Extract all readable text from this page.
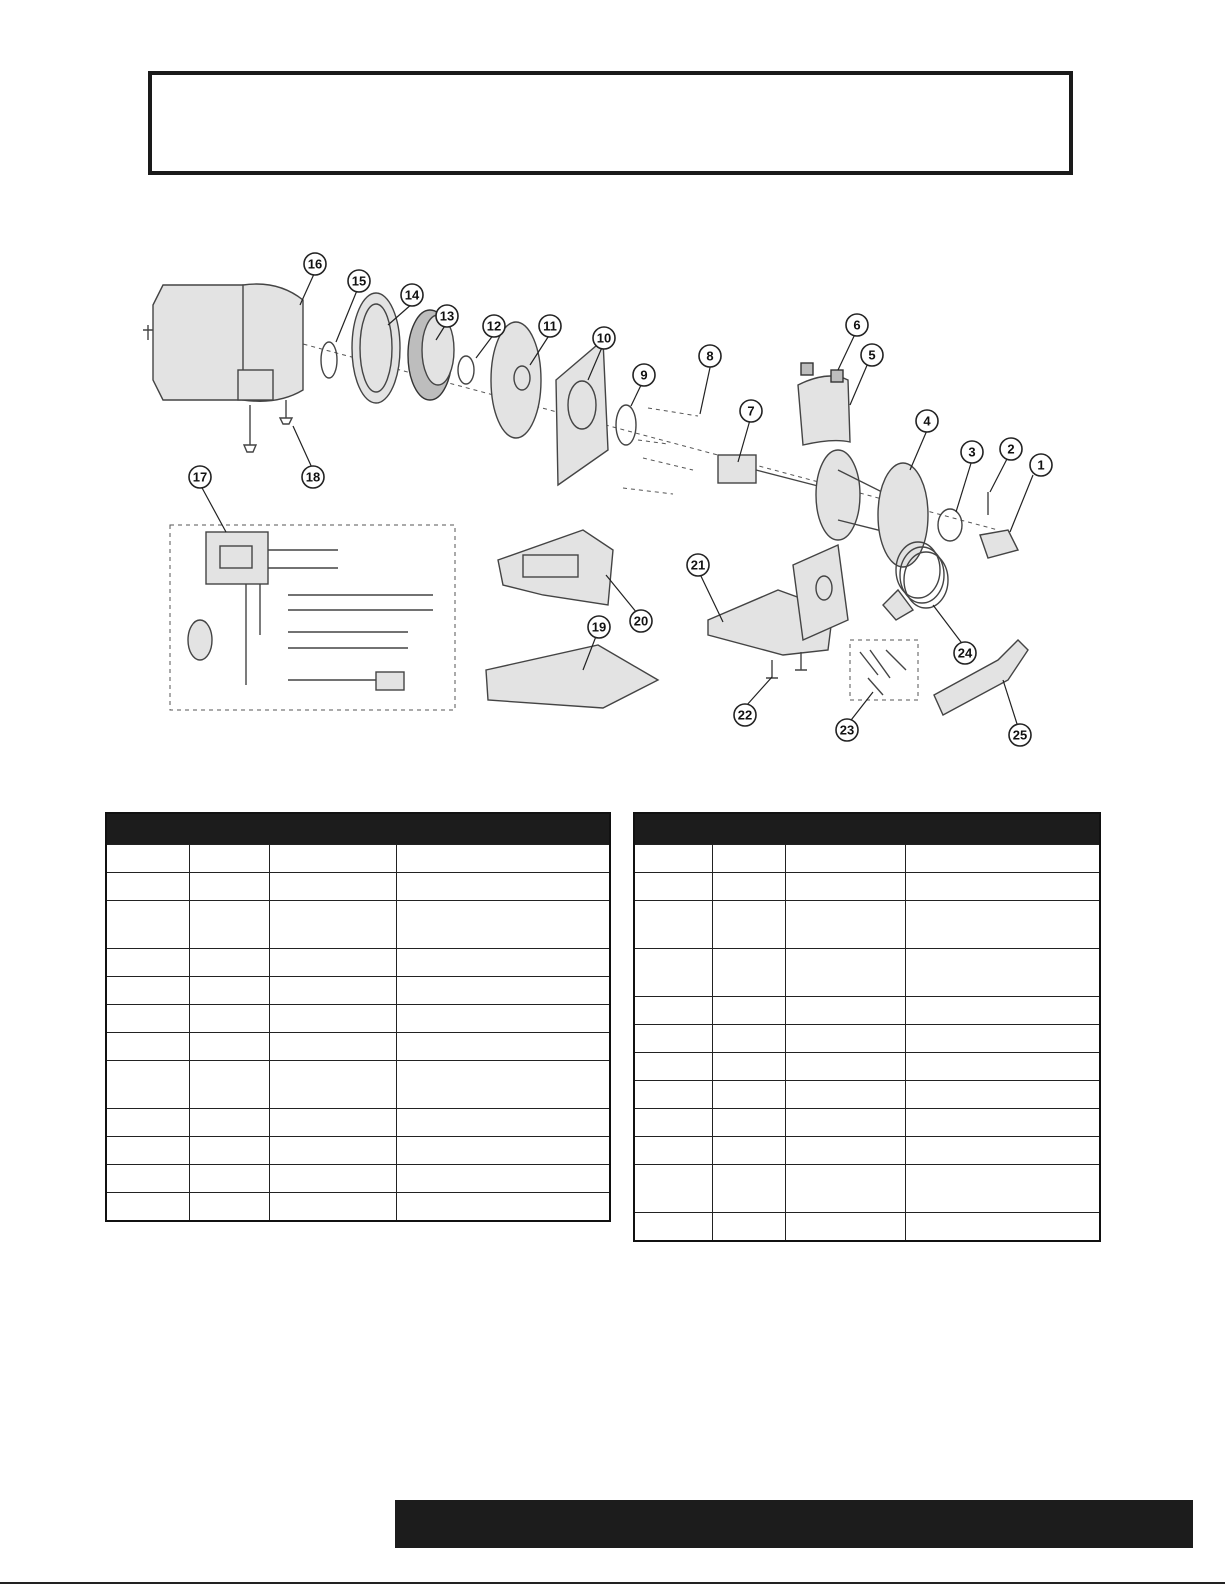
1
2
3
4
5
6
7
8
9
10
11
12
13
14
15
16
17	18
19 20
21
22
23
24
25
